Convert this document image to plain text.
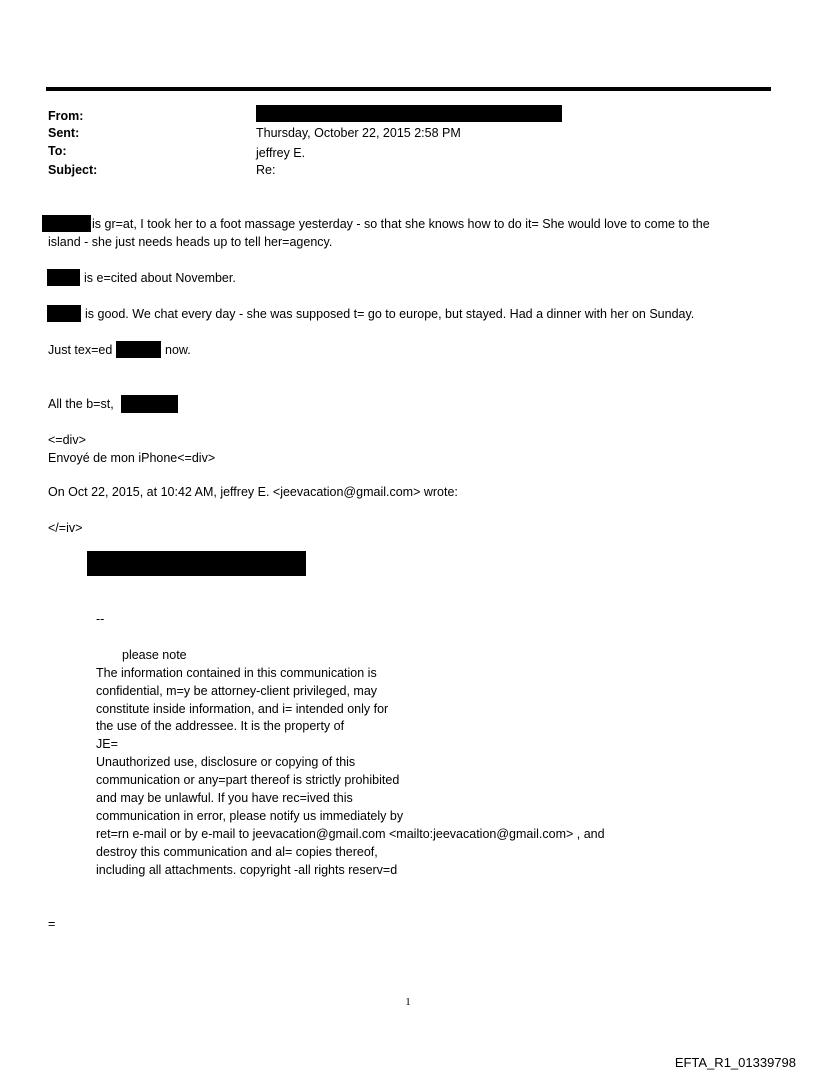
From:
Sent:
To:
Subject:
Thursday, October 22, 2015 2:58 PM
jeffrey E.
Re:
is gr=at, I took her to a foot massage yesterday - so that she knows how to do it= She would love to come to the
island - she just needs heads up to tell her=agency.
is e=cited about November.
is good. We chat every day - she was supposed t= go to europe, but stayed. Had a dinner with her on Sunday.
Just tex=ed	now.
All the b=st,
<=div>
Envoyé de mon iPhone<=div>
On Oct 22, 2015, at 10:42 AM, jeffrey E. <jeevacation@gmail.com> wrote:
</=iv>
--
please note
The information contained in this communication is
confidential, m=y be attorney-client privileged, may
constitute inside information, and i= intended only for
the use of the addressee. It is the property of
JE=
Unauthorized use, disclosure or copying of this
communication or any=part thereof is strictly prohibited
and may be unlawful. If you have rec=ived this
communication in error, please notify us immediately by
ret=rn e-mail or by e-mail to jeevacation@gmail.com <mailto:jeevacation@gmail.com> , and
destroy this communication and al= copies thereof,
including all attachments. copyright -all rights reserv=d
=
1
EFTA_R1_01339798
